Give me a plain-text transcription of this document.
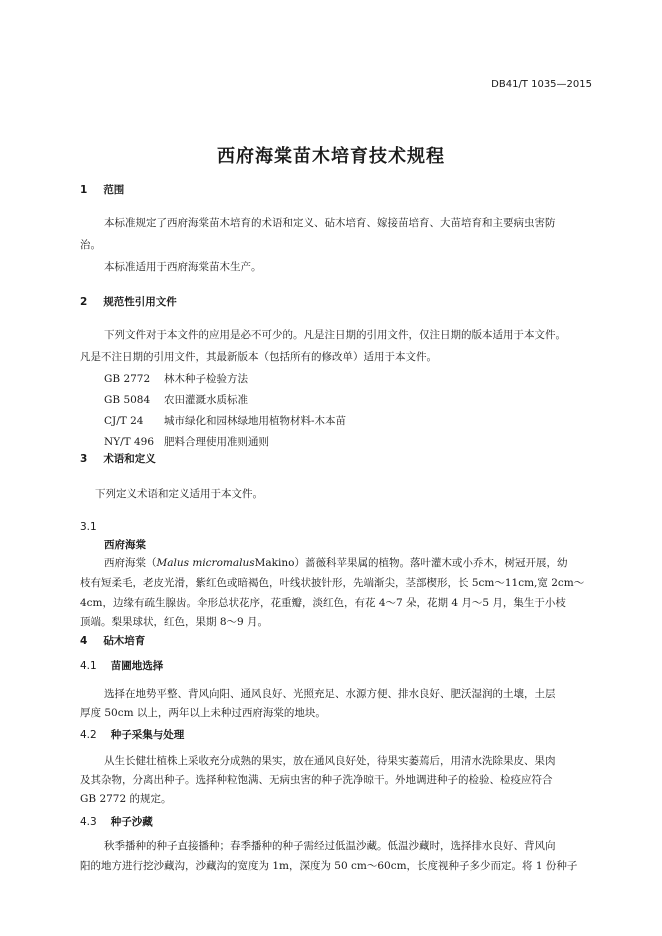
DB41/T 1035—2015
西府海棠苗木培育技术规程
1 范围
本标准规定了西府海棠苗木培育的术语和定义、砧木培育、嫁接苗培育、大苗培育和主要病虫害防
治。
本标准适用于西府海棠苗木生产。
2 规范性引用文件
下列文件对于本文件的应用是必不可少的。凡是注日期的引用文件，仅注日期的版本适用于本文件。
凡是不注日期的引用文件，其最新版本（包括所有的修改单）适用于本文件。
GB 2772 林木种子检验方法
GB 5084 农田灌溉水质标准
CJ/T 24 城市绿化和园林绿地用植物材料-木本苗
NY/T 496 肥料合理使用准则通则
3 术语和定义
下列定义术语和定义适用于本文件。
3.1
西府海棠
西府海棠（Malus micromalusMakino）蔷薇科苹果属的植物。落叶灌木或小乔木，树冠开展，幼
枝有短柔毛，老皮光滑，紫红色或暗褐色，叶线状披针形，先端渐尖，茎部楔形，长 5cm～11cm,宽 2cm～
4cm，边缘有疏生腺齿。伞形总状花序，花重瓣，淡红色，有花 4～7 朵，花期 4 月～5 月，集生于小枝
顶端。梨果球状，红色，果期 8～9 月。
4 砧木培育
4.1 苗圃地选择
选择在地势平整、背风向阳、通风良好、光照充足、水源方便、排水良好、肥沃湿润的土壤，土层
厚度 50cm 以上，两年以上未种过西府海棠的地块。
4.2 种子采集与处理
从生长健壮植株上采收充分成熟的果实，放在通风良好处，待果实萎蔫后，用清水洗除果皮、果肉
及其杂物，分离出种子。选择种粒饱满、无病虫害的种子洗净晾干。外地调进种子的检验、检疫应符合
GB 2772 的规定。
4.3 种子沙藏
秋季播种的种子直接播种；春季播种的种子需经过低温沙藏。低温沙藏时，选择排水良好、背风向
阳的地方进行挖沙藏沟，沙藏沟的宽度为 1m，深度为 50 cm～60cm，长度视种子多少而定。将 1 份种子
